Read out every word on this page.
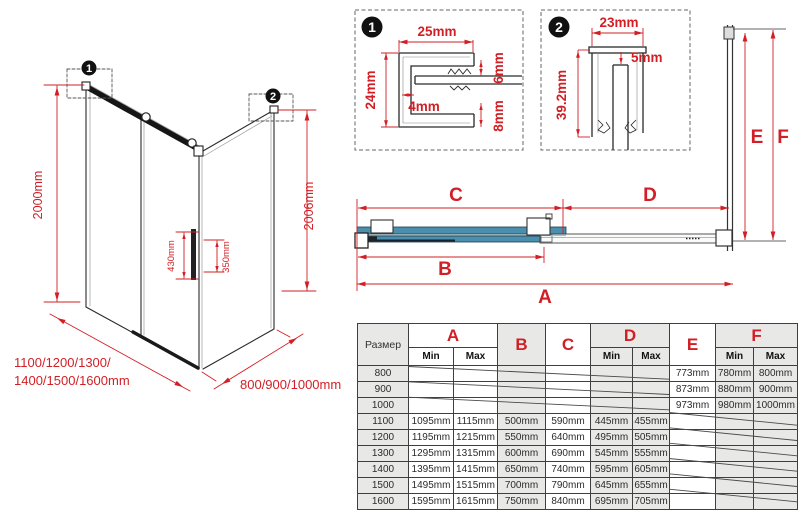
1
2
2000mm	2006mm
430mm	350mm
1100/1200/1300/
1400/1500/1600mm	800/900/1000mm
1	25mm
24mm 4mm
6mm
8mm
2	23mm
5mm
39.2mm
C	D
B
A
E F
Размер	A		B	C	D		E	F	
	Min	Max			Min	Max		Min	Max
800							773mm	780mm	800mm
900							873mm	880mm	900mm
1000							973mm	980mm	1000mm
1100	1095mm	1115mm	500mm	590mm	445mm	455mm			
1200	1195mm	1215mm	550mm	640mm	495mm	505mm			
1300	1295mm	1315mm	600mm	690mm	545mm	555mm			
1400	1395mm	1415mm	650mm	740mm	595mm	605mm			
1500	1495mm	1515mm	700mm	790mm	645mm	655mm			
1600	1595mm	1615mm	750mm	840mm	695mm	705mm			
